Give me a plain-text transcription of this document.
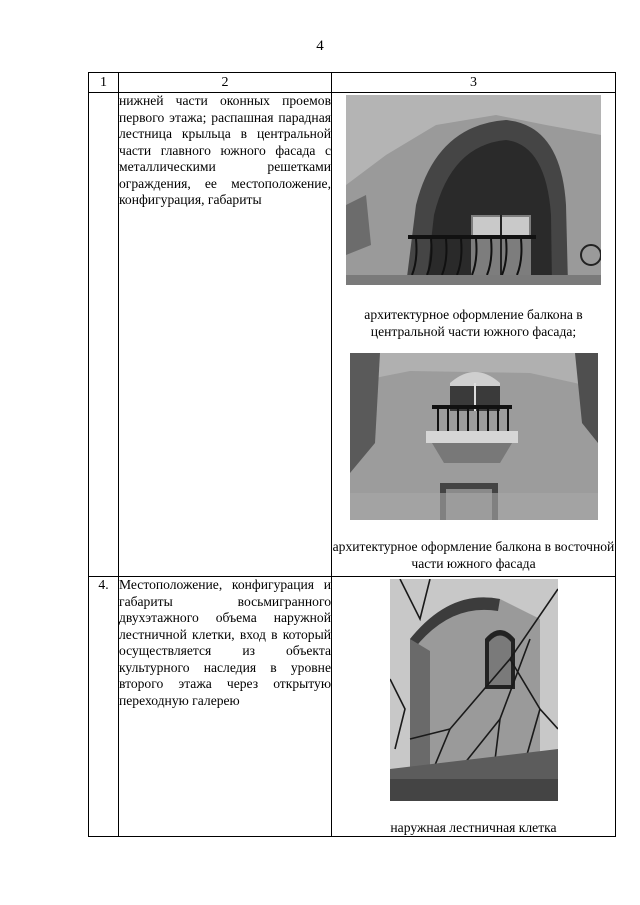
4
1	2	3
	нижней части оконных проемов первого этажа; распашная парадная лестница крыльца в центральной части главного южного фасада с металлическими решетками ограждения, ее местоположение, конфигурация, габариты	архитектурное оформление балкона в центральной части южного фасада;
архитектурное оформление балкона в восточной части южного фасада

4.	Местоположение, конфигурация и габариты восьмигранного двухэтажного объема наружной лестничной клетки, вход в который осуществляется из объекта культурного наследия в уровне второго этажа через открытую переходную галерею	наружная лестничная клетка
